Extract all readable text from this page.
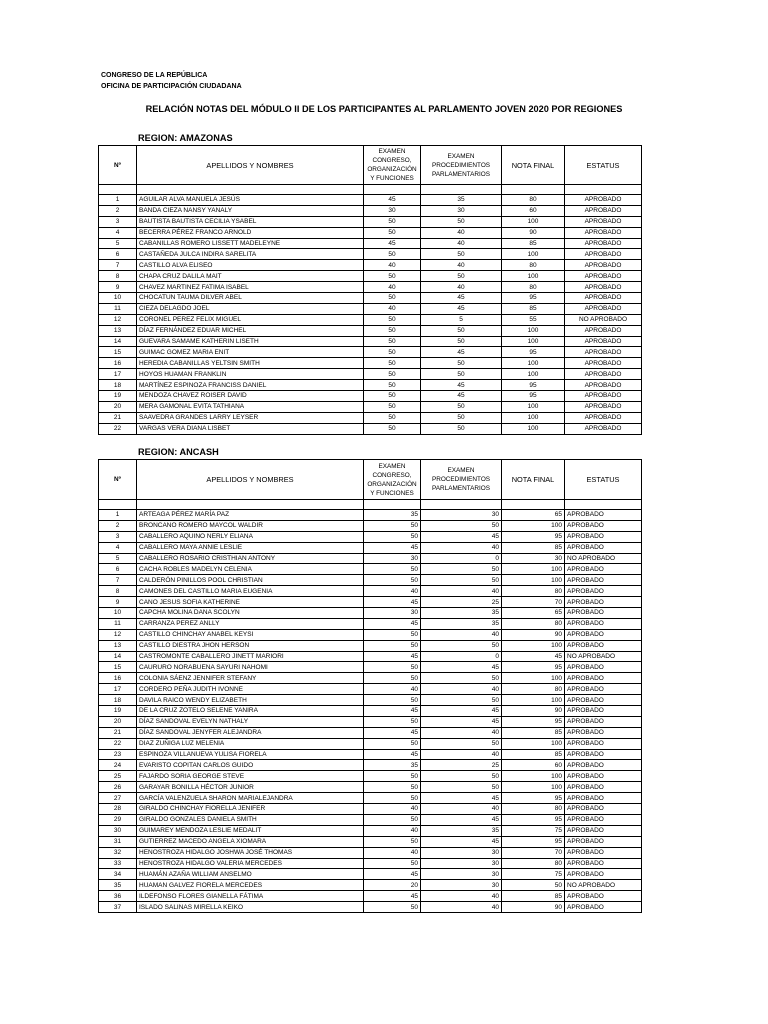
CONGRESO DE LA REPÚBLICA
OFICINA DE PARTICIPACIÓN CIUDADANA
RELACIÓN NOTAS DEL MÓDULO II DE LOS PARTICIPANTES AL PARLAMENTO JOVEN 2020 POR REGIONES
REGION: AMAZONAS
Nº	APELLIDOS Y NOMBRES	EXAMEN CONGRESO, ORGANIZACIÓN Y FUNCIONES	EXAMEN PROCEDIMIENTOS PARLAMENTARIOS	NOTA FINAL	ESTATUS

1	AGUILAR ALVA MANUELA JESÚS	45	35	80	APROBADO
2	BANDA CIEZA NANSY YANALY	30	30	60	APROBADO
3	BAUTISTA BAUTISTA CECILIA YSABEL	50	50	100	APROBADO
4	BECERRA PÉREZ FRANCO ARNOLD	50	40	90	APROBADO
5	CABANILLAS ROMERO LISSETT MADELEYNE	45	40	85	APROBADO
6	CASTAÑEDA JULCA INDIRA SARELITA	50	50	100	APROBADO
7	CASTILLO ALVA ELISEO	40	40	80	APROBADO
8	CHAPA CRUZ DALILA MAIT	50	50	100	APROBADO
9	CHAVEZ MARTINEZ FATIMA ISABEL	40	40	80	APROBADO
10	CHOCATUN TAUMA DILVER ABEL	50	45	95	APROBADO
11	CIEZA DELAGDO JOEL	40	45	85	APROBADO
12	CORONEL PEREZ FELIX MIGUEL	50	5	55	NO APROBADO
13	DÍAZ FERNÁNDEZ EDUAR MICHEL	50	50	100	APROBADO
14	GUEVARA SAMAME KATHERIN LISETH	50	50	100	APROBADO
15	GUIMAC GOMEZ MARIA ENIT	50	45	95	APROBADO
16	HEREDIA CABANILLAS YELTSIN SMITH	50	50	100	APROBADO
17	HOYOS HUAMAN FRANKLIN	50	50	100	APROBADO
18	MARTÍNEZ ESPINOZA FRANCISS DANIEL	50	45	95	APROBADO
19	MENDOZA CHAVEZ ROISER DAVID	50	45	95	APROBADO
20	MERA GAMONAL EVITA TATHIANA	50	50	100	APROBADO
21	SAAVEDRA GRANDES LARRY LEYSER	50	50	100	APROBADO
22	VARGAS VERA DIANA LISBET	50	50	100	APROBADO
REGION: ANCASH
Nº	APELLIDOS Y NOMBRES	EXAMEN CONGRESO, ORGANIZACIÓN Y FUNCIONES	EXAMEN PROCEDIMIENTOS PARLAMENTARIOS	NOTA FINAL	ESTATUS

1	ARTEAGA PÉREZ MARÍA PAZ	35	30	65	APROBADO
2	BRONCANO ROMERO MAYCOL WALDIR	50	50	100	APROBADO
3	CABALLERO AQUINO NERLY ELIANA	50	45	95	APROBADO
4	CABALLERO MAYA ANNIE LESLIE	45	40	85	APROBADO
5	CABALLERO ROSARIO CRISTHIAN ANTONY	30	0	30	NO APROBADO
6	CACHA ROBLES MADELYN CELENIA	50	50	100	APROBADO
7	CALDERÓN PINILLOS POOL CHRISTIAN	50	50	100	APROBADO
8	CAMONES DEL CASTILLO MARIA EUGENIA	40	40	80	APROBADO
9	CANO JESUS SOFIA KATHERINE	45	25	70	APROBADO
10	CAPCHA MOLINA DANA SCOLYN	30	35	65	APROBADO
11	CARRANZA PEREZ ANLLY	45	35	80	APROBADO
12	CASTILLO CHINCHAY ANABEL KEYSI	50	40	90	APROBADO
13	CASTILLO DIESTRA JHON HERSON	50	50	100	APROBADO
14	CASTROMONTE CABALLERO JINETT MARIORI	45	0	45	NO APROBADO
15	CAURURO NORABUENA SAYURI NAHOMI	50	45	95	APROBADO
16	COLONIA SÁENZ JENNIFER STEFANY	50	50	100	APROBADO
17	CORDERO PEÑA JUDITH IVONNE	40	40	80	APROBADO
18	DAVILA RAICO WENDY ELIZABETH	50	50	100	APROBADO
19	DE LA CRUZ ZOTELO SELENE YANIRA	45	45	90	APROBADO
20	DÍAZ SANDOVAL EVELYN NATHALY	50	45	95	APROBADO
21	DÍAZ SANDOVAL JENYFER ALEJANDRA	45	40	85	APROBADO
22	DIAZ ZUÑIGA LUZ MELENIA	50	50	100	APROBADO
23	ESPINOZA VILLANUEVA YULISA FIORELA	45	40	85	APROBADO
24	EVARISTO COPITAN CARLOS GUIDO	35	25	60	APROBADO
25	FAJARDO SORIA GEORGE STEVE	50	50	100	APROBADO
26	GARAYAR BONILLA HÉCTOR JUNIOR	50	50	100	APROBADO
27	GARCÍA VALENZUELA SHARON MARIALEJANDRA	50	45	95	APROBADO
28	GIRALDO CHINCHAY FIORELLA JENIFER	40	40	80	APROBADO
29	GIRALDO GONZALES DANIELA SMITH	50	45	95	APROBADO
30	GUIMAREY MENDOZA LESLIE MEDALIT	40	35	75	APROBADO
31	GUTIERREZ MACEDO ANGELA XIOMARA	50	45	95	APROBADO
32	HENOSTROZA HIDALGO JOSHWA JOSÉ THOMAS	40	30	70	APROBADO
33	HENOSTROZA HIDALGO VALERIA MERCEDES	50	30	80	APROBADO
34	HUAMÁN AZAÑA WILLIAM ANSELMO	45	30	75	APROBADO
35	HUAMAN GALVEZ FIORELA MERCEDES	20	30	50	NO APROBADO
36	ILDEFONSO FLORES GIANELLA FÁTIMA	45	40	85	APROBADO
37	ISLADO SALINAS MIRELLA KEIKO	50	40	90	APROBADO
